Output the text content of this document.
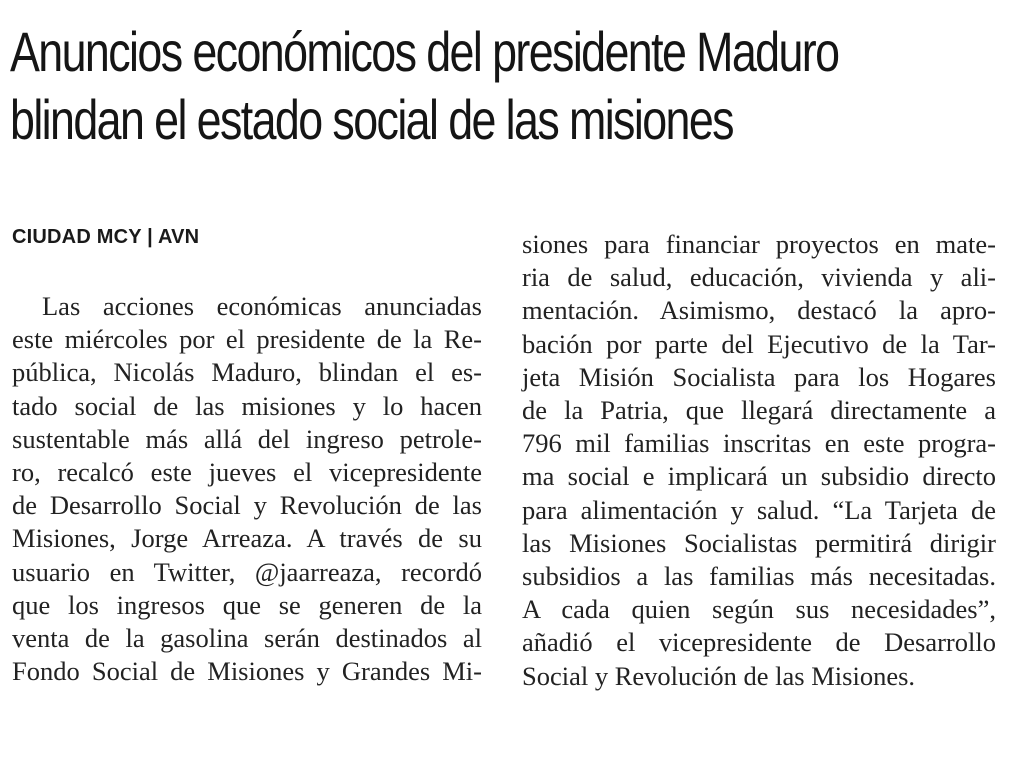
Anuncios económicos del presidente Maduro
blindan el estado social de las misiones
CIUDAD MCY | AVN
Las acciones económicas anunciadas
este miércoles por el presidente de la Re-
pública, Nicolás Maduro, blindan el es-
tado social de las misiones y lo hacen
sustentable más allá del ingreso petrole-
ro, recalcó este jueves el vicepresidente
de Desarrollo Social y Revolución de las
Misiones, Jorge Arreaza. A través de su
usuario en Twitter, @jaarreaza, recordó
que los ingresos que se generen de la
venta de la gasolina serán destinados al
Fondo Social de Misiones y Grandes Mi-
siones para financiar proyectos en mate-
ria de salud, educación, vivienda y ali-
mentación. Asimismo, destacó la apro-
bación por parte del Ejecutivo de la Tar-
jeta Misión Socialista para los Hogares
de la Patria, que llegará directamente a
796 mil familias inscritas en este progra-
ma social e implicará un subsidio directo
para alimentación y salud. “La Tarjeta de
las Misiones Socialistas permitirá dirigir
subsidios a las familias más necesitadas.
A cada quien según sus necesidades”,
añadió el vicepresidente de Desarrollo
Social y Revolución de las Misiones.
